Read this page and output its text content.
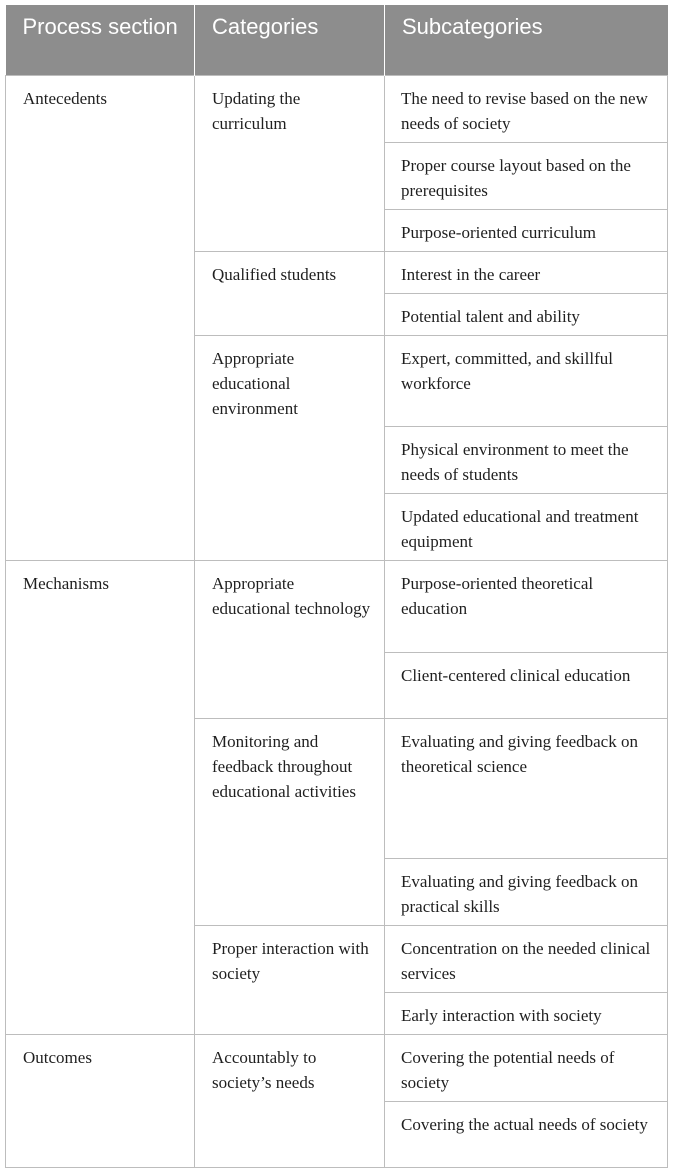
Process section	Categories	Subcategories
Antecedents	Updating the curriculum	The need to revise based on the new needs of society
		Proper course layout based on the prerequisites
		Purpose-oriented curriculum
	Qualified students	Interest in the career
		Potential talent and ability
	Appropriate educational environment	Expert, committed, and skillful workforce
		Physical environment to meet the needs of students
		Updated educational and treatment equipment
Mechanisms	Appropriate educational technology	Purpose-oriented theoretical education
		Client-centered clinical education
	Monitoring and feedback throughout educational activities	Evaluating and giving feedback on theoretical science
		Evaluating and giving feedback on practical skills
	Proper interaction with society	Concentration on the needed clinical services
		Early interaction with society
Outcomes	Accountably to society’s needs	Covering the potential needs of society
		Covering the actual needs of society
